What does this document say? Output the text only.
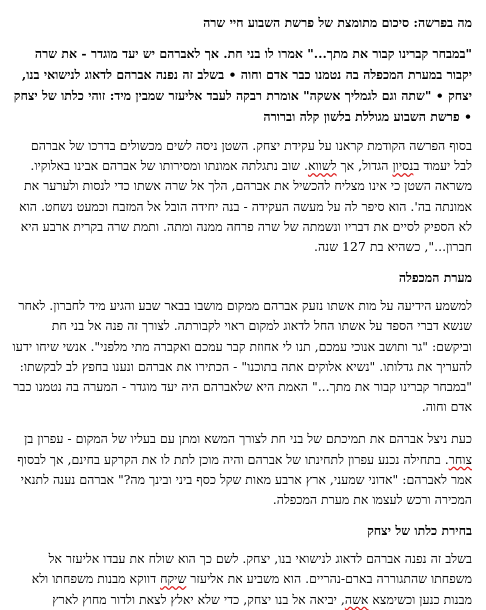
מה בפרשה: סיכום מתומצת של פרשת השבוע חיי שרה
"במבחר קברינו קבור את מתך..." אמרו לו בני חת. אך לאברהם יש יעד מוגדר - את שרה יקבור במערת המכפלה בה נטמנו כבר אדם וחוה • בשלב זה נפנה אברהם לדאוג לנישואי בנו, יצחק • "שתה וגם לגמליך אשקה" אומרת רבקה לעבד אליעזר שמבין מיד: זוהי כלתו של יצחק • פרשת השבוע מגוללת בלשון קלה וברורה
בסוף הפרשה הקודמת קראנו על עקידת יצחק. השטן ניסה לשים מכשולים בדרכו של אברהם לבל יעמוד בנסיון הגדול, אך לשווא. שוב נתגלתה אמונתו ומסירותו של אברהם אבינו באלוקיו. משראה השטן כי אינו מצליח להכשיל את אברהם, הלך אל שרה אשתו כדי לנסות ולערער את אמונתה בה'. הוא סיפר לה על מעשה העקידה - בנה יחידה הובל אל המזבח וכמעט נשחט. הוא לא הספיק לסיים את דבריו ונשמתה של שרה פרחה ממנה ומתה. ותמת שרה בקרית ארבע היא חברון...", כשהיא בת 127 שנה.
מערת המכפלה
למשמע הידיעה על מות אשתו נזעק אברהם ממקום מושבו בבאר שבע והגיע מיד לחברון. לאחר שנשא דברי הספד על אשתו החל לדאוג למקום ראוי לקבורתה. לצורך זה פנה אל בני חת וביקשם: "גר ותושב אנוכי עמכם, תנו לי אחוזת קבר עמכם ואקברה מתי מלפני". אנשי שיחו ידעו להעריך את גדלותו. "נשיא אלוקים אתה בתוכנו" - הכתירו את אברהם ונענו בחפץ לב לבקשתו: "במבחר קברינו קבור את מתך..." האמת היא שלאברהם היה יעד מוגדר - המערה בה נטמנו כבר אדם וחוה.
כעת ניצל אברהם את תמיכתם של בני חת לצורך המשא ומתן עם בעליו של המקום - עפרון בן צוחר. בתחילה נכנע עפרון לתחינתו של אברהם והיה מוכן לתת לו את הקרקע בחינם, אך לבסוף אמר לאברהם: "אדוני שמעני, ארץ ארבע מאות שקל כסף ביני ובינך מה?" אברהם נענה לתנאי המכירה ורכש לעצמו את מערת המכפלה.
בחירת כלתו של יצחק
בשלב זה נפנה אברהם לדאוג לנישואי בנו, יצחק. לשם כך הוא שולח את עבדו אליעזר אל משפחתו שהתגוררה בארם-נהריים. הוא משביע את אליעזר שיקח דווקא מבנות משפחתו ולא מבנות כנען וכשימצא אשה, יביאה אל בנו יצחק, כדי שלא יאלץ לצאת ולדור מחוץ לארץ
